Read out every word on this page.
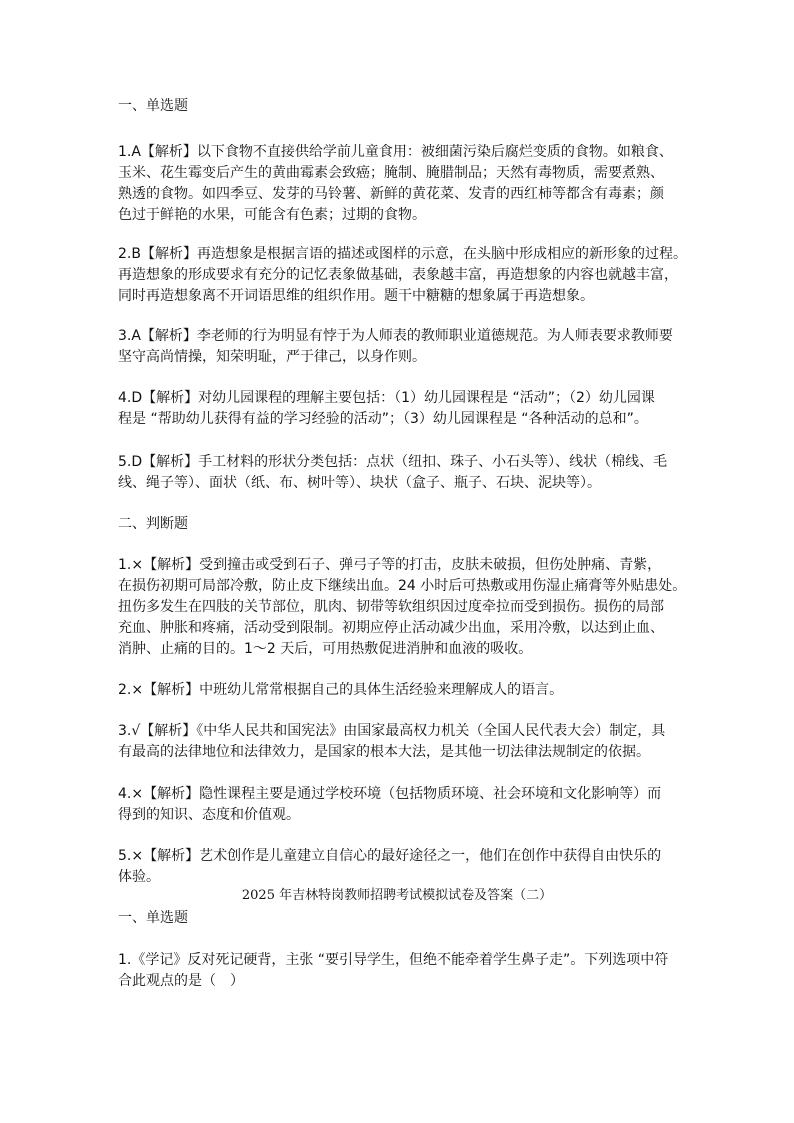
一、单选题
1.A【解析】以下食物不直接供给学前儿童食用：被细菌污染后腐烂变质的食物。如粮食、
玉米、花生霉变后产生的黄曲霉素会致癌；腌制、腌腊制品；天然有毒物质，需要煮熟、
熟透的食物。如四季豆、发芽的马铃薯、新鲜的黄花菜、发青的西红柿等都含有毒素；颜
色过于鲜艳的水果，可能含有色素；过期的食物。
2.B【解析】再造想象是根据言语的描述或图样的示意，在头脑中形成相应的新形象的过程。
再造想象的形成要求有充分的记忆表象做基础，表象越丰富，再造想象的内容也就越丰富，
同时再造想象离不开词语思维的组织作用。题干中糖糖的想象属于再造想象。
3.A【解析】李老师的行为明显有悖于为人师表的教师职业道德规范。为人师表要求教师要
坚守高尚情操，知荣明耻，严于律己，以身作则。
4.D【解析】对幼儿园课程的理解主要包括：（1）幼儿园课程是 “活动”；（2）幼儿园课
程是 “帮助幼儿获得有益的学习经验的活动”；（3）幼儿园课程是 “各种活动的总和”。
5.D【解析】手工材料的形状分类包括：点状（纽扣、珠子、小石头等）、线状（棉线、毛
线、绳子等）、面状（纸、布、树叶等）、块状（盒子、瓶子、石块、泥块等）。
二、判断题
1.×【解析】受到撞击或受到石子、弹弓子等的打击，皮肤未破损，但伤处肿痛、青紫，
在损伤初期可局部冷敷，防止皮下继续出血。24 小时后可热敷或用伤湿止痛膏等外贴患处。
扭伤多发生在四肢的关节部位，肌肉、韧带等软组织因过度牵拉而受到损伤。损伤的局部
充血、肿胀和疼痛，活动受到限制。初期应停止活动减少出血，采用冷敷，以达到止血、
消肿、止痛的目的。1～2 天后，可用热敷促进消肿和血液的吸收。
2.×【解析】中班幼儿常常根据自己的具体生活经验来理解成人的语言。
3.√【解析】《中华人民共和国宪法》由国家最高权力机关（全国人民代表大会）制定，具
有最高的法律地位和法律效力，是国家的根本大法，是其他一切法律法规制定的依据。
4.×【解析】隐性课程主要是通过学校环境（包括物质环境、社会环境和文化影响等）而
得到的知识、态度和价值观。
5.×【解析】艺术创作是儿童建立自信心的最好途径之一，他们在创作中获得自由快乐的
体验。
2025 年吉林特岗教师招聘考试模拟试卷及答案（二）
一、单选题
1.《学记》反对死记硬背，主张 “要引导学生，但绝不能牵着学生鼻子走”。下列选项中符
合此观点的是（　）
